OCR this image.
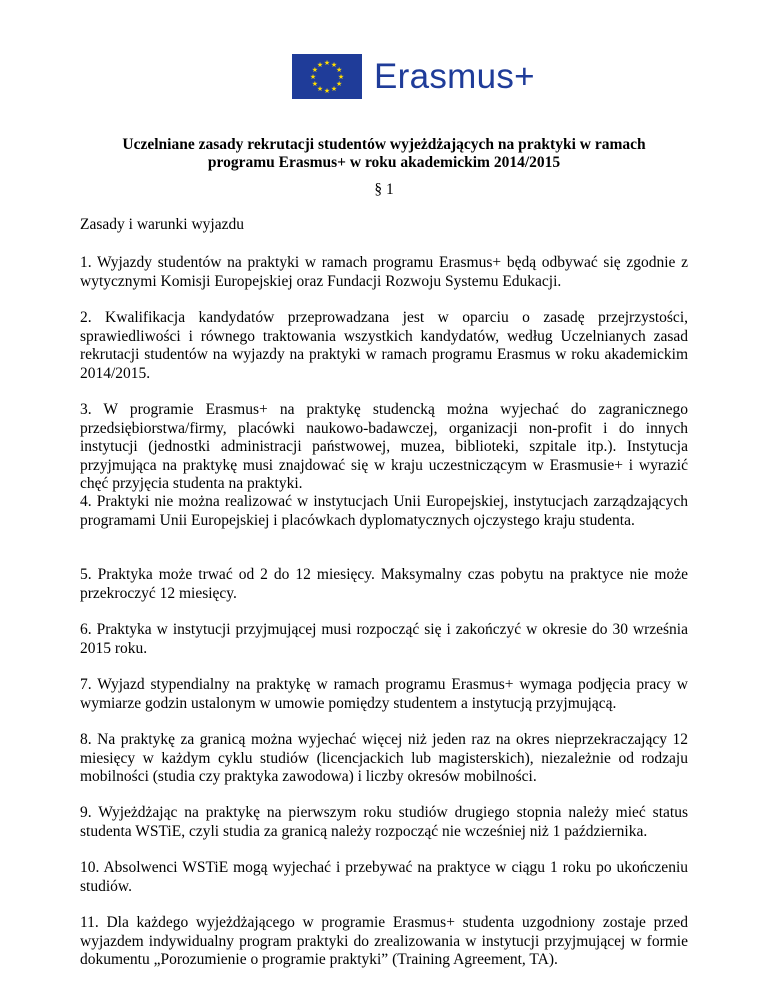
★ ★
★
★
★
★
★
★
★
★
★
★ Erasmus+
Uczelniane zasady rekrutacji studentów wyjeżdżających na praktyki w ramach
programu Erasmus+ w roku akademickim 2014/2015
§ 1
Zasady i warunki wyjazdu

1. Wyjazdy studentów na praktyki w ramach programu Erasmus+ będą odbywać się zgodnie z wytycznymi Komisji Europejskiej oraz Fundacji Rozwoju Systemu Edukacji.

2. Kwalifikacja kandydatów przeprowadzana jest w oparciu o zasadę przejrzystości, sprawiedliwości i równego traktowania wszystkich kandydatów, według Uczelnianych zasad rekrutacji studentów na wyjazdy na praktyki w ramach programu Erasmus w roku akademickim 2014/2015.

3. W programie Erasmus+ na praktykę studencką można wyjechać do zagranicznego przedsiębiorstwa/firmy, placówki naukowo-badawczej, organizacji non-profit i do innych instytucji (jednostki administracji państwowej, muzea, biblioteki, szpitale itp.). Instytucja przyjmująca na praktykę musi znajdować się w kraju uczestniczącym w Erasmusie+ i wyrazić chęć przyjęcia studenta na praktyki.

4. Praktyki nie można realizować w instytucjach Unii Europejskiej, instytucjach zarządzających programami Unii Europejskiej i placówkach dyplomatycznych ojczystego kraju studenta.

5. Praktyka może trwać od 2 do 12 miesięcy. Maksymalny czas pobytu na praktyce nie może przekroczyć 12 miesięcy.

6. Praktyka w instytucji przyjmującej musi rozpocząć się i zakończyć w okresie do 30 września 2015 roku.

7. Wyjazd stypendialny na praktykę w ramach programu Erasmus+ wymaga podjęcia pracy w wymiarze godzin ustalonym w umowie pomiędzy studentem a instytucją przyjmującą.

8. Na praktykę za granicą można wyjechać więcej niż jeden raz na okres nieprzekraczający 12 miesięcy w każdym cyklu studiów (licencjackich lub magisterskich), niezależnie od rodzaju mobilności (studia czy praktyka zawodowa) i liczby okresów mobilności.

9. Wyjeżdżając na praktykę na pierwszym roku studiów drugiego stopnia należy mieć status studenta WSTiE, czyli studia za granicą należy rozpocząć nie wcześniej niż 1 października.

10. Absolwenci WSTiE mogą wyjechać i przebywać na praktyce w ciągu 1 roku po ukończeniu studiów.

11. Dla każdego wyjeżdżającego w programie Erasmus+ studenta uzgodniony zostaje przed wyjazdem indywidualny program praktyki do zrealizowania w instytucji przyjmującej w formie dokumentu „Porozumienie o programie praktyki” (Training Agreement, TA).
